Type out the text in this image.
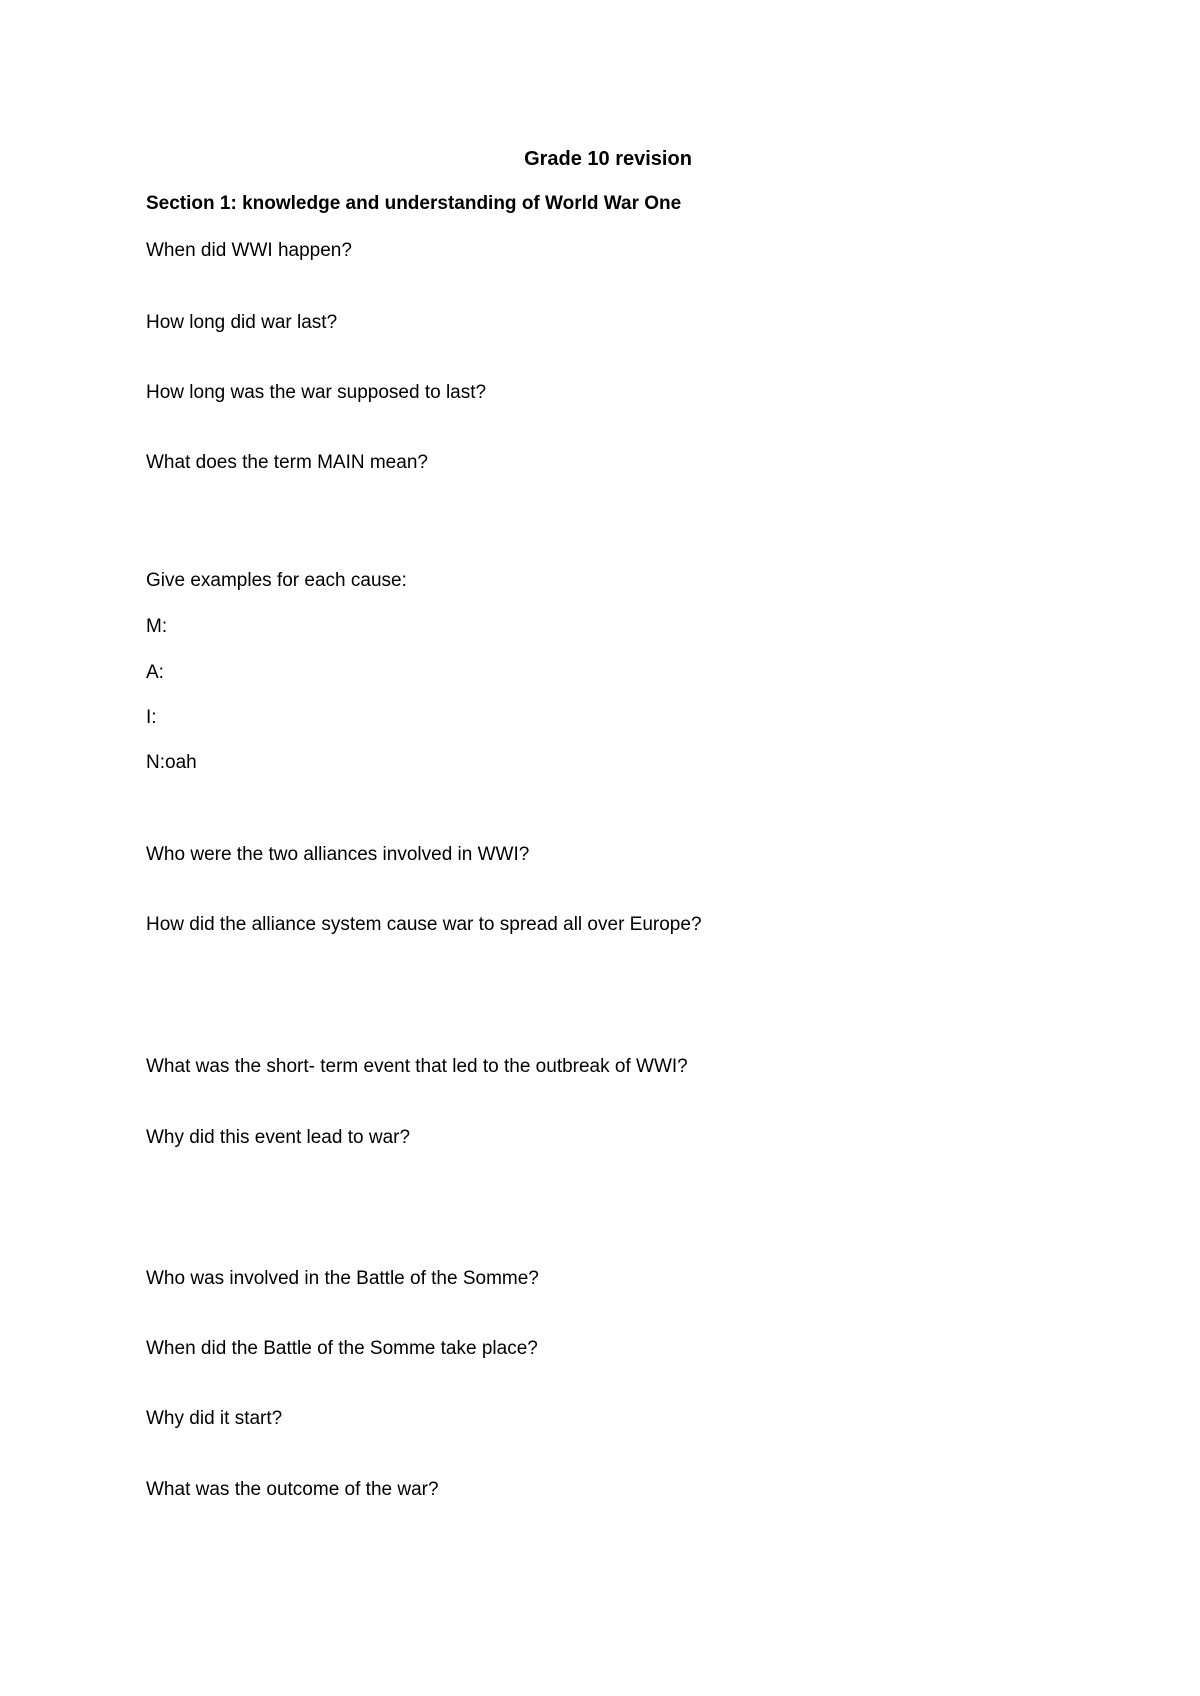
Grade 10 revision
Section 1: knowledge and understanding of World War One
When did WWI happen?
How long did war last?
How long was the war supposed to last?
What does the term MAIN mean?
Give examples for each cause:
M:
A:
I:
N:oah
Who were the two alliances involved in WWI?
How did the alliance system cause war to spread all over Europe?
What was the short- term event that led to the outbreak of WWI?
Why did this event lead to war?
Who was involved in the Battle of the Somme?
When did the Battle of the Somme take place?
Why did it start?
What was the outcome of the war?
